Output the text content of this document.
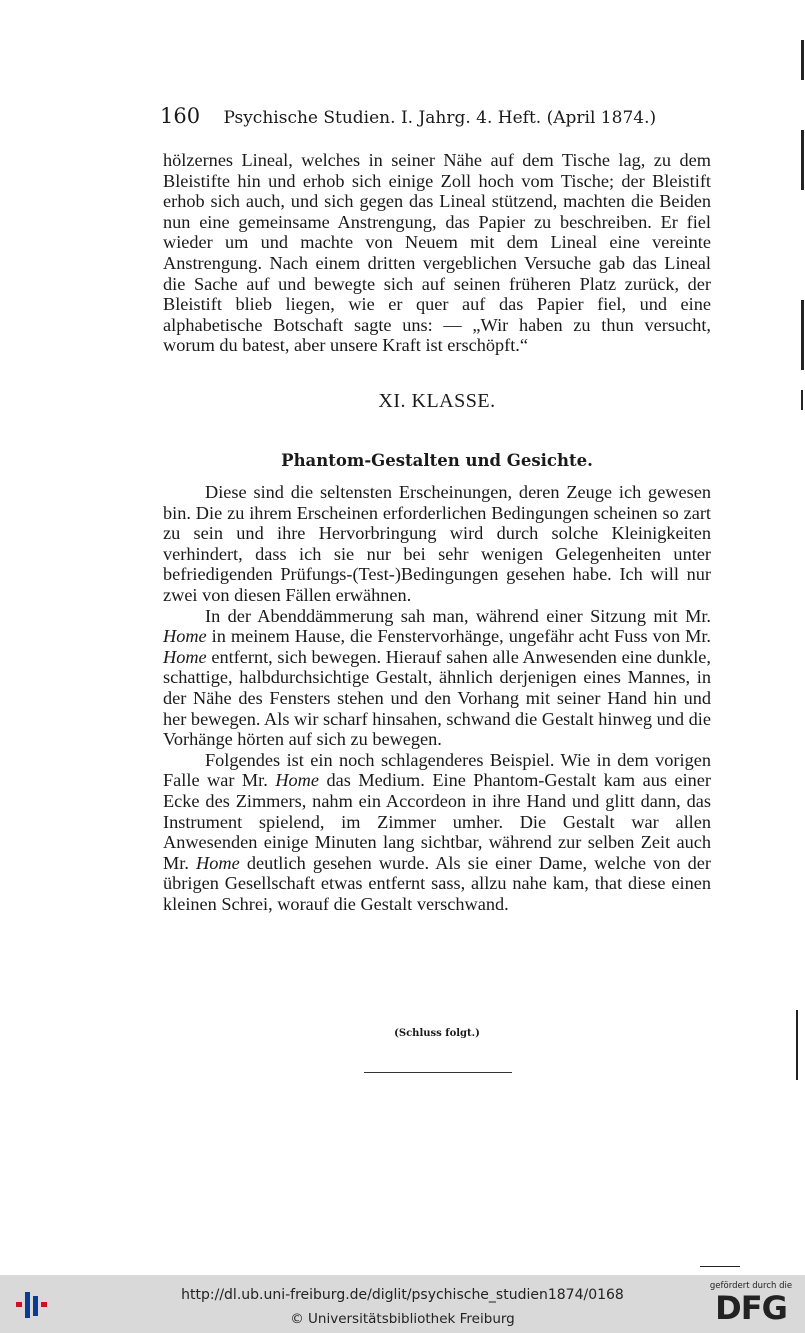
160 Psychische Studien. I. Jahrg. 4. Heft. (April 1874.)

hölzernes Lineal, welches in seiner Nähe auf dem Tische lag, zu dem Bleistifte hin und erhob sich einige Zoll hoch vom Tische; der Bleistift erhob sich auch, und sich gegen das Lineal stützend, machten die Beiden nun eine gemeinsame Anstrengung, das Papier zu beschreiben. Er fiel wieder um und machte von Neuem mit dem Lineal eine vereinte Anstrengung. Nach einem dritten vergeblichen Versuche gab das Lineal die Sache auf und bewegte sich auf seinen früheren Platz zurück, der Bleistift blieb liegen, wie er quer auf das Papier fiel, und eine alphabetische Botschaft sagte uns: — „Wir haben zu thun versucht, worum du batest, aber unsere Kraft ist erschöpft.“

XI. KLASSE.
Phantom-Gestalten und Gesichte.

Diese sind die seltensten Erscheinungen, deren Zeuge ich gewesen bin. Die zu ihrem Erscheinen erforderlichen Bedingungen scheinen so zart zu sein und ihre Hervorbringung wird durch solche Kleinigkeiten verhindert, dass ich sie nur bei sehr wenigen Gelegenheiten unter befriedigenden Prüfungs-(Test-)Bedingungen gesehen habe. Ich will nur zwei von diesen Fällen erwähnen.

In der Abenddämmerung sah man, während einer Sitzung mit Mr. Home in meinem Hause, die Fenstervorhänge, ungefähr acht Fuss von Mr. Home entfernt, sich bewegen. Hierauf sahen alle Anwesenden eine dunkle, schattige, halbdurchsichtige Gestalt, ähnlich derjenigen eines Mannes, in der Nähe des Fensters stehen und den Vorhang mit seiner Hand hin und her bewegen. Als wir scharf hinsahen, schwand die Gestalt hinweg und die Vorhänge hörten auf sich zu bewegen.

Folgendes ist ein noch schlagenderes Beispiel. Wie in dem vorigen Falle war Mr. Home das Medium. Eine Phantom-Gestalt kam aus einer Ecke des Zimmers, nahm ein Accordeon in ihre Hand und glitt dann, das Instrument spielend, im Zimmer umher. Die Gestalt war allen Anwesenden einige Minuten lang sichtbar, während zur selben Zeit auch Mr. Home deutlich gesehen wurde. Als sie einer Dame, welche von der übrigen Gesellschaft etwas entfernt sass, allzu nahe kam, that diese einen kleinen Schrei, worauf die Gestalt verschwand.

(Schluss folgt.)
http://dl.ub.uni-freiburg.de/diglit/psychische_studien1874/0168
© Universitätsbibliothek Freiburg
gefördert durch die
DFG
